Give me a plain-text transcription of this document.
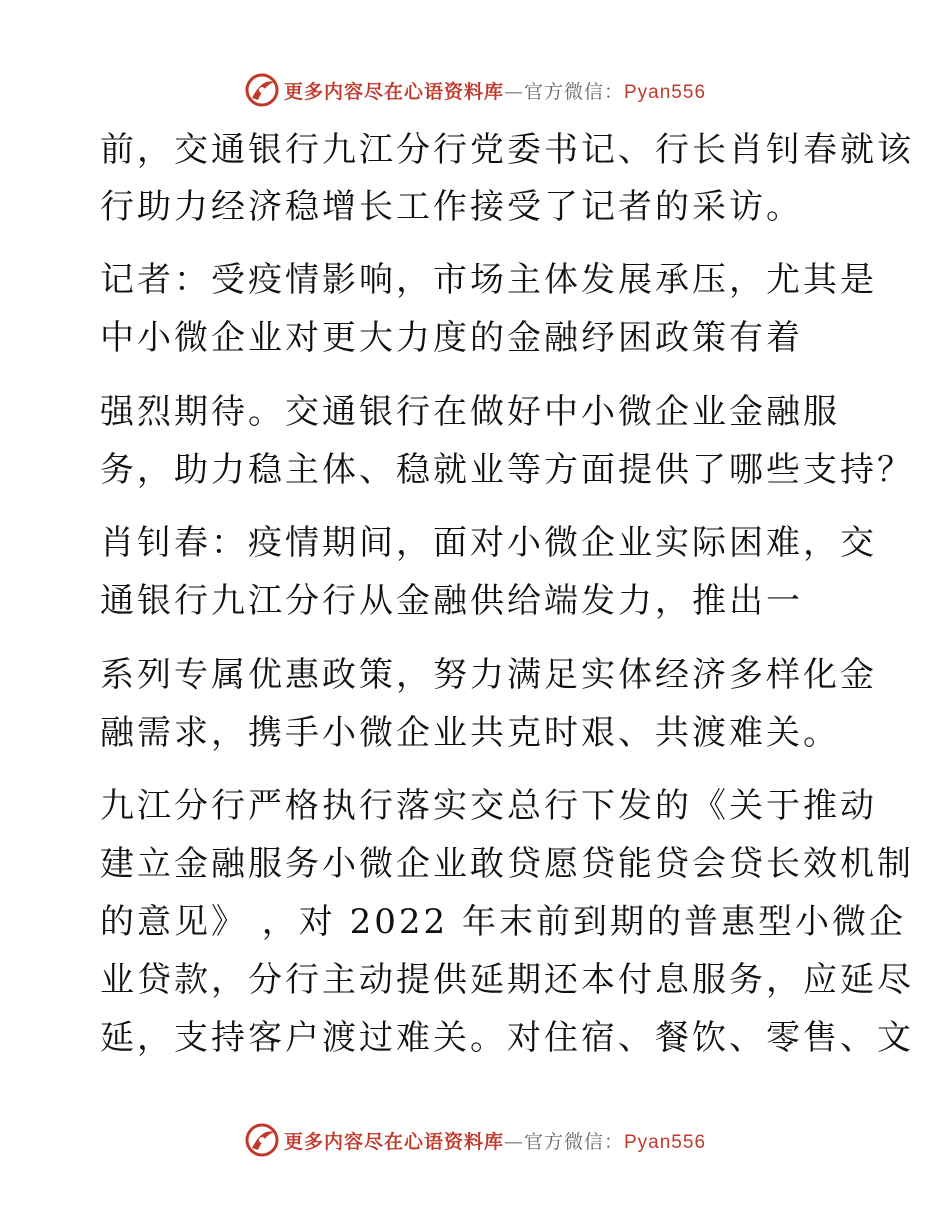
更多内容尽在心语资料库—官方微信：Pyan556
前，交通银行九江分行党委书记、行长肖钊春就该
行助力经济稳增长工作接受了记者的采访。
记者：受疫情影响，市场主体发展承压，尤其是
中小微企业对更大力度的金融纾困政策有着
强烈期待。交通银行在做好中小微企业金融服
务，助力稳主体、稳就业等方面提供了哪些支持？
肖钊春：疫情期间，面对小微企业实际困难，交
通银行九江分行从金融供给端发力，推出一
系列专属优惠政策，努力满足实体经济多样化金
融需求，携手小微企业共克时艰、共渡难关。
九江分行严格执行落实交总行下发的《关于推动
建立金融服务小微企业敢贷愿贷能贷会贷长效机制
的意见》 ，对 2022 年末前到期的普惠型小微企
业贷款，分行主动提供延期还本付息服务，应延尽
延，支持客户渡过难关。对住宿、餐饮、零售、文
更多内容尽在心语资料库—官方微信：Pyan556
